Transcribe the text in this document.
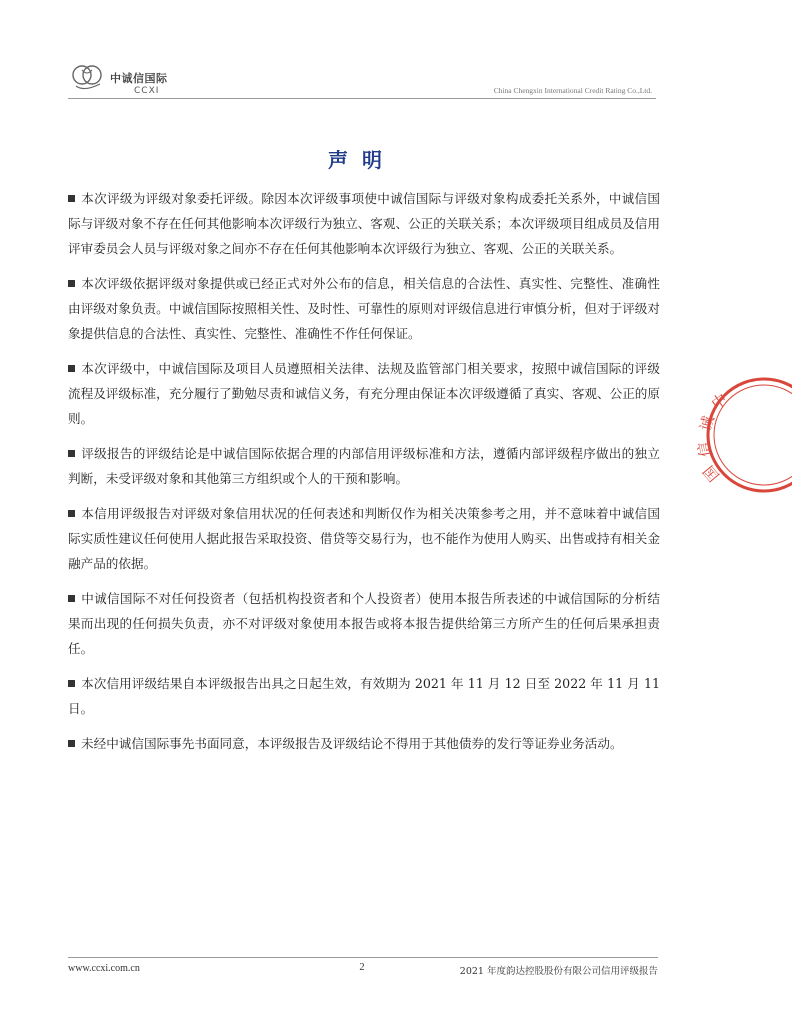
中诚信国际
CCXI	China Chengxin International Credit Rating Co.,Ltd.
声明

本次评级为评级对象委托评级。除因本次评级事项使中诚信国际与评级对象构成委托关系外，中诚信国际与评级对象不存在任何其他影响本次评级行为独立、客观、公正的关联关系；本次评级项目组成员及信用评审委员会人员与评级对象之间亦不存在任何其他影响本次评级行为独立、客观、公正的关联关系。

本次评级依据评级对象提供或已经正式对外公布的信息，相关信息的合法性、真实性、完整性、准确性由评级对象负责。中诚信国际按照相关性、及时性、可靠性的原则对评级信息进行审慎分析，但对于评级对象提供信息的合法性、真实性、完整性、准确性不作任何保证。

本次评级中，中诚信国际及项目人员遵照相关法律、法规及监管部门相关要求，按照中诚信国际的评级流程及评级标准，充分履行了勤勉尽责和诚信义务，有充分理由保证本次评级遵循了真实、客观、公正的原则。

评级报告的评级结论是中诚信国际依据合理的内部信用评级标准和方法，遵循内部评级程序做出的独立判断，未受评级对象和其他第三方组织或个人的干预和影响。

本信用评级报告对评级对象信用状况的任何表述和判断仅作为相关决策参考之用，并不意味着中诚信国际实质性建议任何使用人据此报告采取投资、借贷等交易行为，也不能作为使用人购买、出售或持有相关金融产品的依据。

中诚信国际不对任何投资者（包括机构投资者和个人投资者）使用本报告所表述的中诚信国际的分析结果而出现的任何损失负责，亦不对评级对象使用本报告或将本报告提供给第三方所产生的任何后果承担责任。

本次信用评级结果自本评级报告出具之日起生效，有效期为 2021 年 11 月 12 日至 2022 年 11 月 11 日。

未经中诚信国际事先书面同意，本评级报告及评级结论不得用于其他债券的发行等证券业务活动。

中
诚
信
国
www.ccxi.com.cn	2	2021 年度韵达控股股份有限公司信用评级报告
